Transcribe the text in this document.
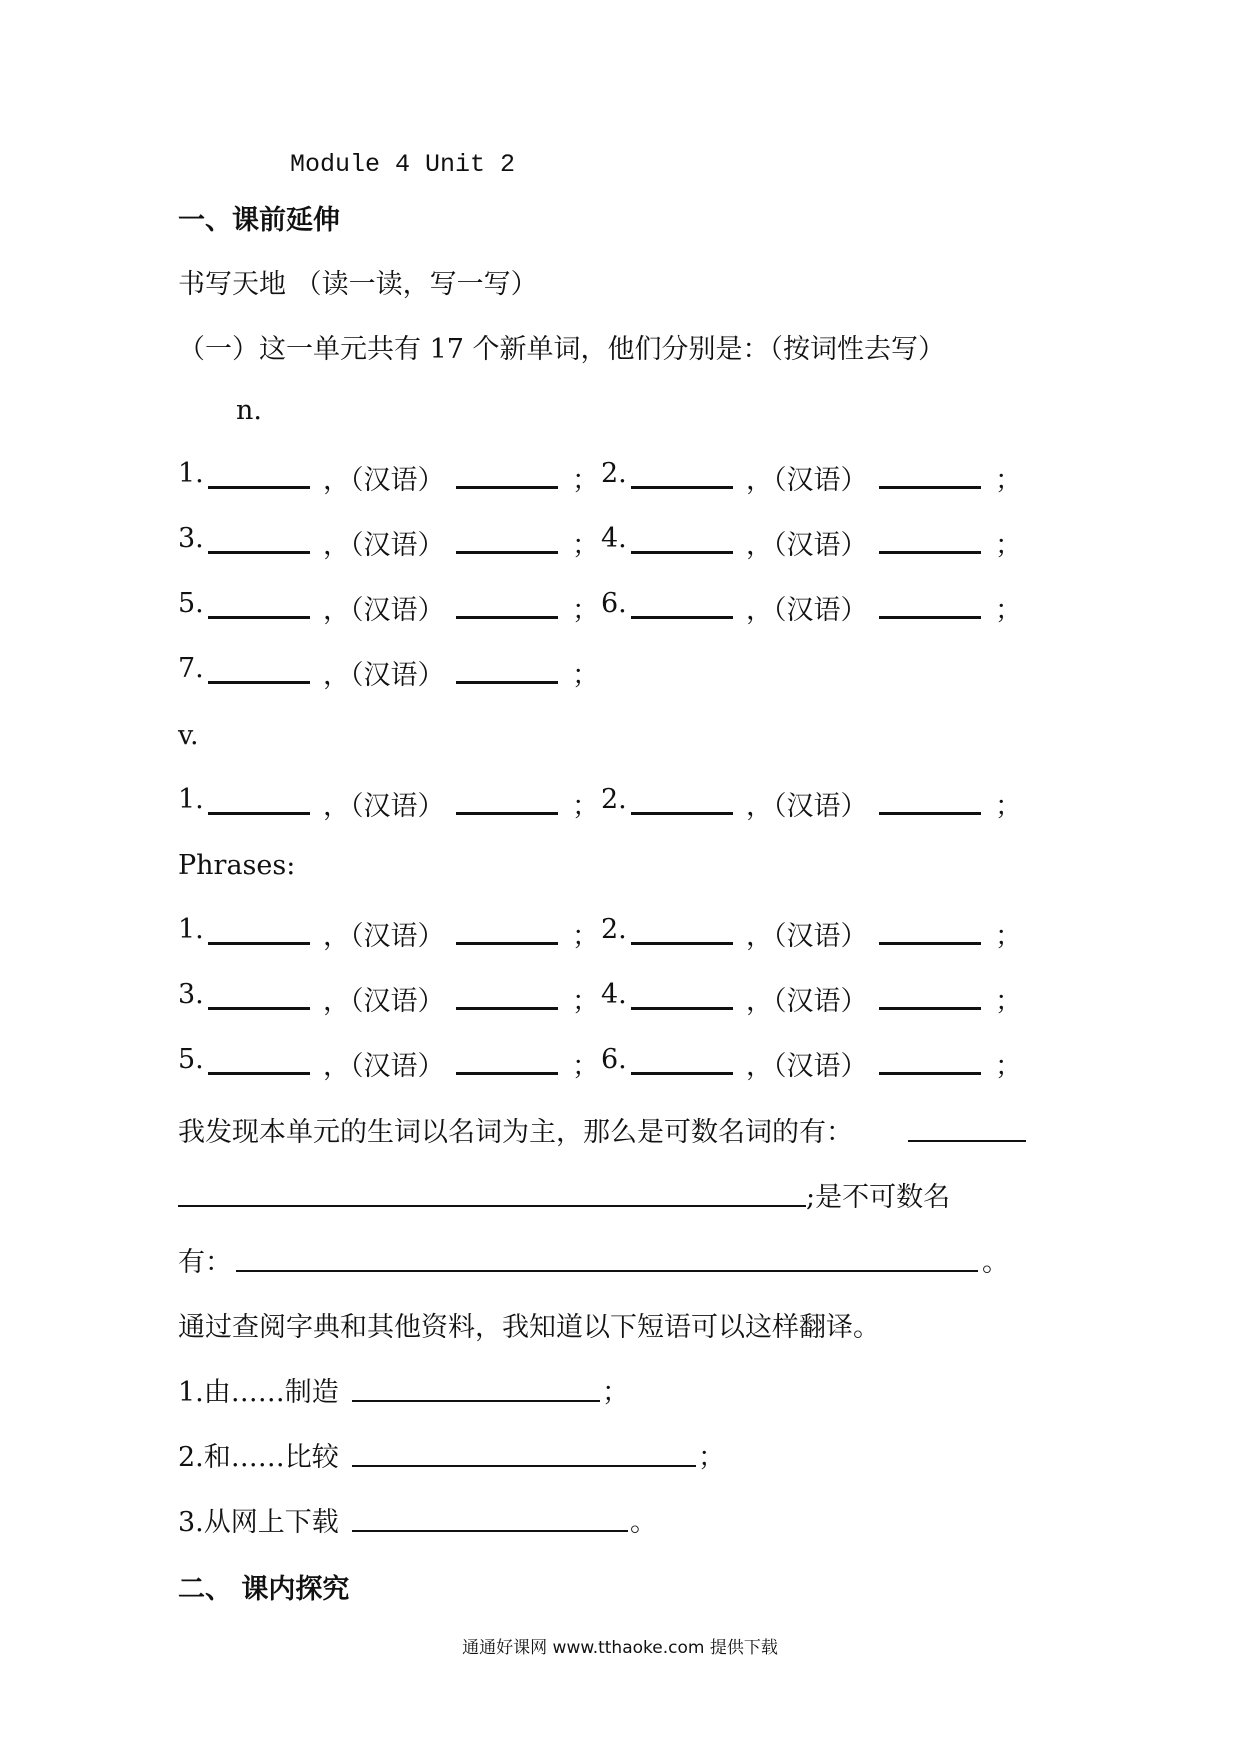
Module 4 Unit 2
一、课前延伸
书写天地 （读一读，写一写）
（一）这一单元共有 17 个新单词，他们分别是：（按词性去写）
n.
1.	，（汉语）	； 2.	，（汉语）	；
3.	，（汉语）	； 4.	，（汉语）	；
5.	，（汉语）	； 6.	，（汉语）	；
7.	，（汉语）	；
v.
1.	，（汉语）	； 2.	，（汉语）	；
Phrases:
1.	，（汉语）	； 2.	，（汉语）	；
3.	，（汉语）	； 4.	，（汉语）	；
5.	，（汉语）	； 6.	，（汉语）	；
我发现本单元的生词以名词为主，那么是可数名词的有：
;是不可数名
有：	。
通过查阅字典和其他资料，我知道以下短语可以这样翻译。
1.由……制造	；
2.和……比较	；
3.从网上下载	。
二、 课内探究
通通好课网 www.tthaoke.com 提供下载
